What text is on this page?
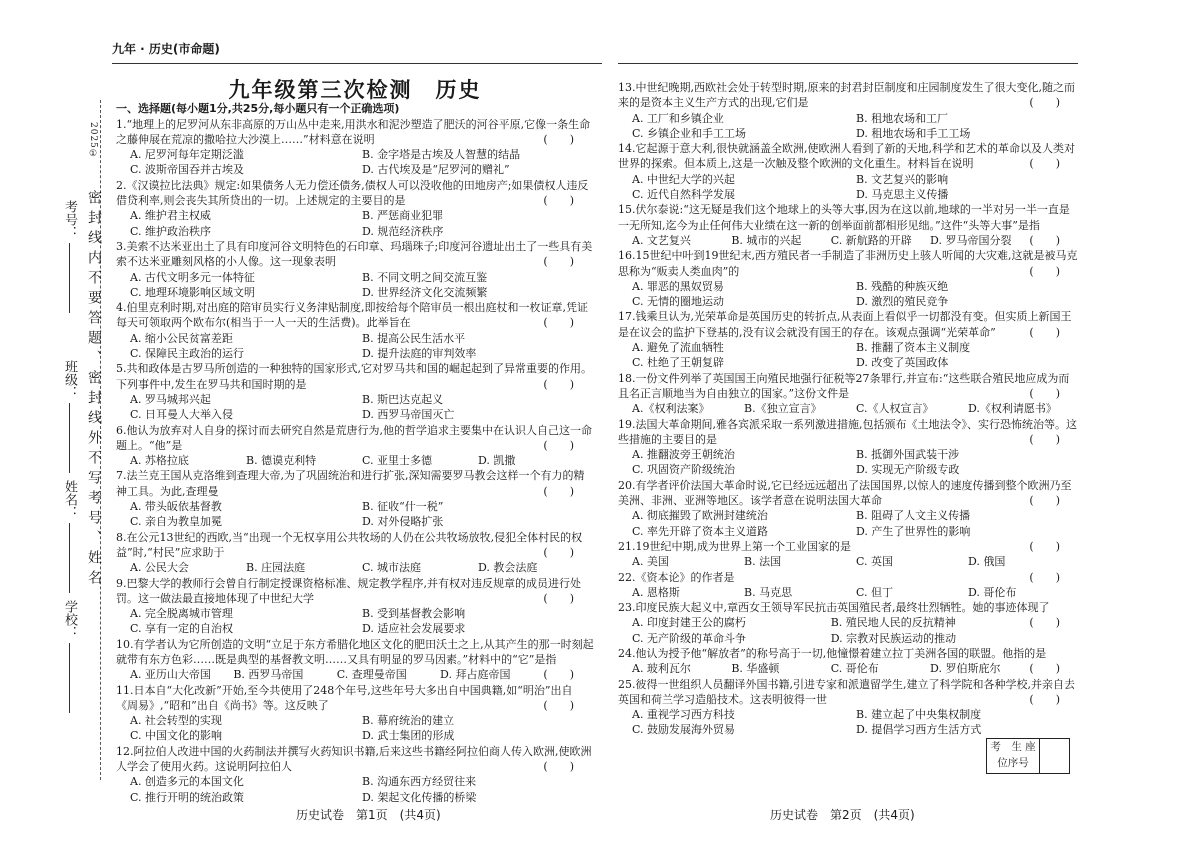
九年 · 历史(市命题)
2025①
密封线内不要答题、密封线外不写考号、姓名
考号：
班级：
姓名：
学校：
九年级第三次检测　历史
一、选择题(每小题1分,共25分,每小题只有一个正确选项)
1.“地理上的尼罗河从东非高原的万山丛中走来,用洪水和泥沙塑造了肥沃的河谷平原,它像一条生命之藤伸展在荒凉的撒哈拉大沙漠上……”材料意在说明	(　　)
A. 尼罗河每年定期泛滥	B. 金字塔是古埃及人智慧的结晶
C. 波斯帝国吞并古埃及	D. 古代埃及是“尼罗河的赠礼”
2.《汉谟拉比法典》规定:如果债务人无力偿还债务,债权人可以没收他的田地房产;如果债权人违反借贷利率,则会丧失其所贷出的一切。上述规定的主要目的是	(　　)
A. 维护君主权威	B. 严惩商业犯罪
C. 维护政治秩序	D. 规范经济秩序
3.美索不达米亚出土了具有印度河谷文明特色的石印章、玛瑙珠子;印度河谷遗址出土了一些具有美索不达米亚雕刻风格的小人像。这一现象表明	(　　)
A. 古代文明多元一体特征	B. 不同文明之间交流互鉴
C. 地理环境影响区域文明	D. 世界经济文化交流频繁
4.伯里克利时期,对出庭的陪审员实行义务津贴制度,即按给每个陪审员一根出庭杖和一枚证章,凭证每天可领取两个欧布尔(相当于一人一天的生活费)。此举旨在	(　　)
A. 缩小公民贫富差距	B. 提高公民生活水平
C. 保障民主政治的运行	D. 提升法庭的审判效率
5.共和政体是古罗马所创造的一种独特的国家形式,它对罗马共和国的崛起起到了异常重要的作用。下列事件中,发生在罗马共和国时期的是	(　　)
A. 罗马城邦兴起	B. 斯巴达克起义
C. 日耳曼人大举入侵	D. 西罗马帝国灭亡
6.他认为放弃对人自身的探讨而去研究自然是荒唐行为,他的哲学追求主要集中在认识人自己这一命题上。“他”是	(　　)
A. 苏格拉底	B. 德谟克利特	C. 亚里士多德	D. 凯撒
7.法兰克王国从克洛维到查理大帝,为了巩固统治和进行扩张,深知需要罗马教会这样一个有力的精神工具。为此,查理曼	(　　)
A. 带头皈依基督教	B. 征收“什一税”
C. 亲自为教皇加冕	D. 对外侵略扩张
8.在公元13世纪的西欧,当“出现一个无权享用公共牧场的人仍在公共牧场放牧,侵犯全体村民的权益”时,“村民”应求助于	(　　)
A. 公民大会	B. 庄园法庭	C. 城市法庭	D. 教会法庭
9.巴黎大学的教师行会曾自行制定授课资格标准、规定教学程序,并有权对违反规章的成员进行处罚。这一做法最直接地体现了中世纪大学	(　　)
A. 完全脱离城市管理	B. 受到基督教会影响
C. 享有一定的自治权	D. 适应社会发展要求
10.有学者认为它所创造的文明“立足于东方希腊化地区文化的肥田沃土之上,从其产生的那一时刻起就带有东方色彩……既是典型的基督教文明……又具有明显的罗马因素。”材料中的“它”是指
(　　)
A. 亚历山大帝国	B. 西罗马帝国	C. 查理曼帝国	D. 拜占庭帝国
11.日本自“大化改新”开始,至今共使用了248个年号,这些年号大多出自中国典籍,如“明治”出自《周易》,“昭和”出自《尚书》等。这反映了	(　　)
A. 社会转型的实现	B. 幕府统治的建立
C. 中国文化的影响	D. 武士集团的形成
12.阿拉伯人改进中国的火药制法并撰写火药知识书籍,后来这些书籍经阿拉伯商人传入欧洲,使欧洲人学会了使用火药。这说明阿拉伯人	(　　)
A. 创造多元的本国文化	B. 沟通东西方经贸往来
C. 推行开明的统治政策	D. 架起文化传播的桥梁
13.中世纪晚期,西欧社会处于转型时期,原来的封君封臣制度和庄园制度发生了很大变化,随之而来的是资本主义生产方式的出现,它们是	(　　)
A. 工厂和乡镇企业	B. 租地农场和工厂
C. 乡镇企业和手工工场	D. 租地农场和手工工场
14.它起源于意大利,很快就涵盖全欧洲,使欧洲人看到了新的天地,科学和艺术的革命以及人类对世界的探索。但本质上,这是一次触及整个欧洲的文化重生。材料旨在说明	(　　)
A. 中世纪大学的兴起	B. 文艺复兴的影响
C. 近代自然科学发展	D. 马克思主义传播
15.伏尔泰说:“这无疑是我们这个地球上的头等大事,因为在这以前,地球的一半对另一半一直是一无所知,迄今为止任何伟大业绩在这一新的创举面前都相形见绌。”这件“头等大事”是指
(　　)
A. 文艺复兴	B. 城市的兴起	C. 新航路的开辟	D. 罗马帝国分裂
16.15世纪中叶到19世纪末,西方殖民者一手制造了非洲历史上骇人听闻的大灾难,这就是被马克思称为“贩卖人类血肉”的	(　　)
A. 罪恶的黑奴贸易	B. 残酷的种族灭绝
C. 无情的圈地运动	D. 激烈的殖民竞争
17.钱乘旦认为,光荣革命是英国历史的转折点,从表面上看似乎一切都没有变。但实质上新国王是在议会的监护下登基的,没有议会就没有国王的存在。该观点强调“光荣革命”	(　　)
A. 避免了流血牺牲	B. 推翻了资本主义制度
C. 杜绝了王朝复辟	D. 改变了英国政体
18.一份文件列举了英国国王向殖民地强行征税等27条罪行,并宣布:“这些联合殖民地应成为而且名正言顺地当为自由独立的国家。”这份文件是	(　　)
A.《权利法案》	B.《独立宣言》	C.《人权宣言》	D.《权利请愿书》
19.法国大革命期间,雅各宾派采取一系列激进措施,包括颁布《土地法令》、实行恐怖统治等。这些措施的主要目的是	(　　)
A. 推翻波旁王朝统治	B. 抵御外国武装干涉
C. 巩固资产阶级统治	D. 实现无产阶级专政
20.有学者评价法国大革命时说,它已经远远超出了法国国界,以惊人的速度传播到整个欧洲乃至美洲、非洲、亚洲等地区。该学者意在说明法国大革命	(　　)
A. 彻底摧毁了欧洲封建统治	B. 阻碍了人文主义传播
C. 率先开辟了资本主义道路	D. 产生了世界性的影响
21.19世纪中期,成为世界上第一个工业国家的是	(　　)
A. 美国	B. 法国	C. 英国	D. 俄国
22.《资本论》的作者是	(　　)
A. 恩格斯	B. 马克思	C. 但丁	D. 哥伦布
23.印度民族大起义中,章西女王领导军民抗击英国殖民者,最终壮烈牺牲。她的事迹体现了
(　　)
A. 印度封建王公的腐朽	B. 殖民地人民的反抗精神
C. 无产阶级的革命斗争	D. 宗教对民族运动的推动
24.他认为授予他“解放者”的称号高于一切,他憧憬着建立拉丁美洲各国的联盟。他指的是
(　　)
A. 玻利瓦尔	B. 华盛顿	C. 哥伦布	D. 罗伯斯庇尔
25.彼得一世组织人员翻译外国书籍,引进专家和派遣留学生,建立了科学院和各种学校,并亲自去英国和荷兰学习造船技术。这表明彼得一世	(　　)
A. 重视学习西方科技	B. 建立起了中央集权制度
C. 鼓励发展海外贸易	D. 提倡学习西方生活方式
考　生 座位序号
历史试卷　第1页　(共4页)	历史试卷　第2页　(共4页)
